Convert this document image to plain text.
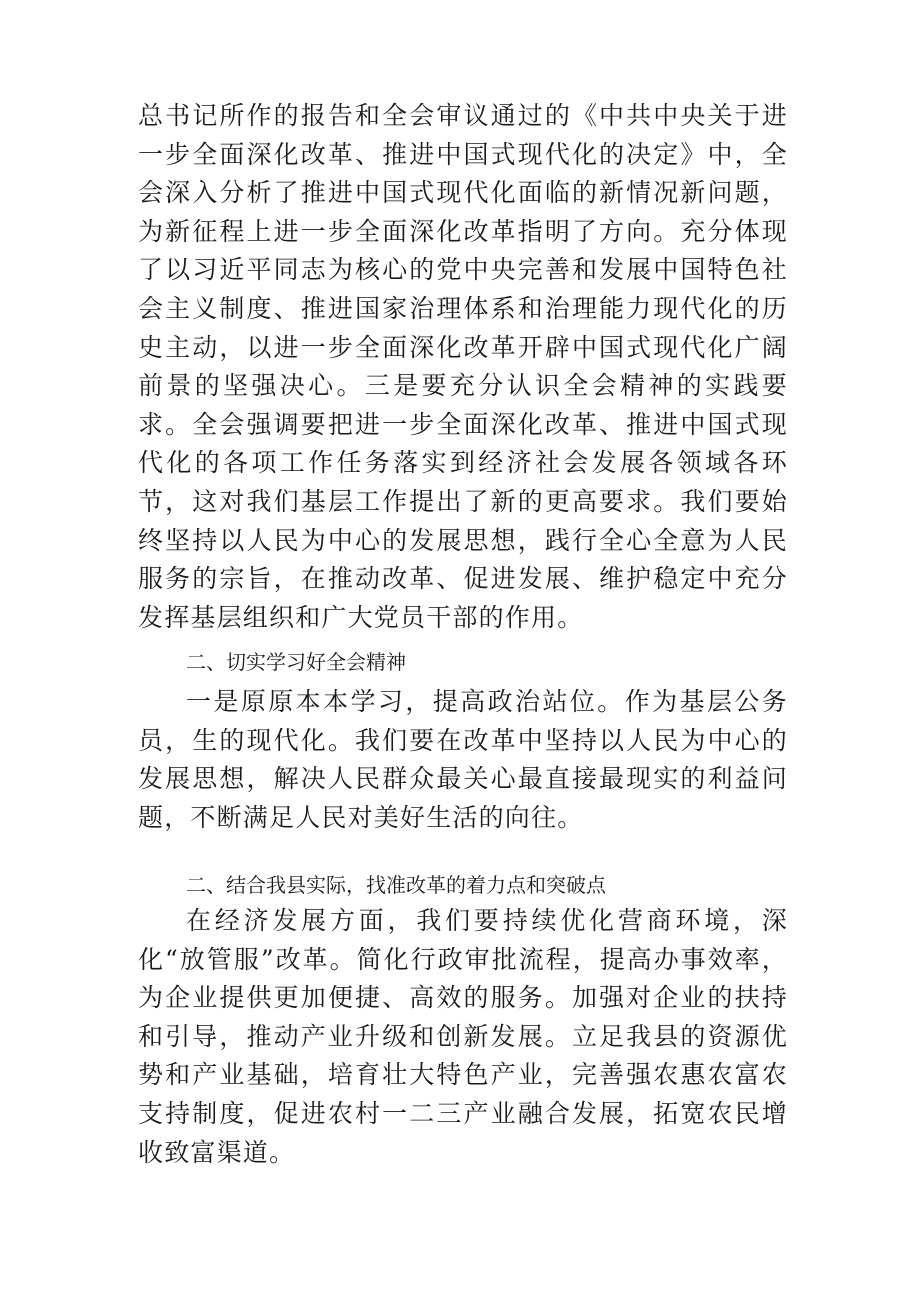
总书记所作的报告和全会审议通过的《中共中央关于进一步全面深化改革、推进中国式现代化的决定》中，全会深入分析了推进中国式现代化面临的新情况新问题，为新征程上进一步全面深化改革指明了方向。充分体现了以习近平同志为核心的党中央完善和发展中国特色社会主义制度、推进国家治理体系和治理能力现代化的历史主动，以进一步全面深化改革开辟中国式现代化广阔前景的坚强决心。三是要充分认识全会精神的实践要求。全会强调要把进一步全面深化改革、推进中国式现代化的各项工作任务落实到经济社会发展各领域各环节，这对我们基层工作提出了新的更高要求。我们要始终坚持以人民为中心的发展思想，践行全心全意为人民服务的宗旨，在推动改革、促进发展、维护稳定中充分发挥基层组织和广大党员干部的作用。

二、切实学习好全会精神

一是原原本本学习，提高政治站位。作为基层公务员，生的现代化。我们要在改革中坚持以人民为中心的发展思想，解决人民群众最关心最直接最现实的利益问题，不断满足人民对美好生活的向往。

二、结合我县实际，找准改革的着力点和突破点

在经济发展方面，我们要持续优化营商环境，深化“放管服”改革。简化行政审批流程，提高办事效率，为企业提供更加便捷、高效的服务。加强对企业的扶持和引导，推动产业升级和创新发展。立足我县的资源优势和产业基础，培育壮大特色产业，完善强农惠农富农支持制度，促进农村一二三产业融合发展，拓宽农民增收致富渠道。
